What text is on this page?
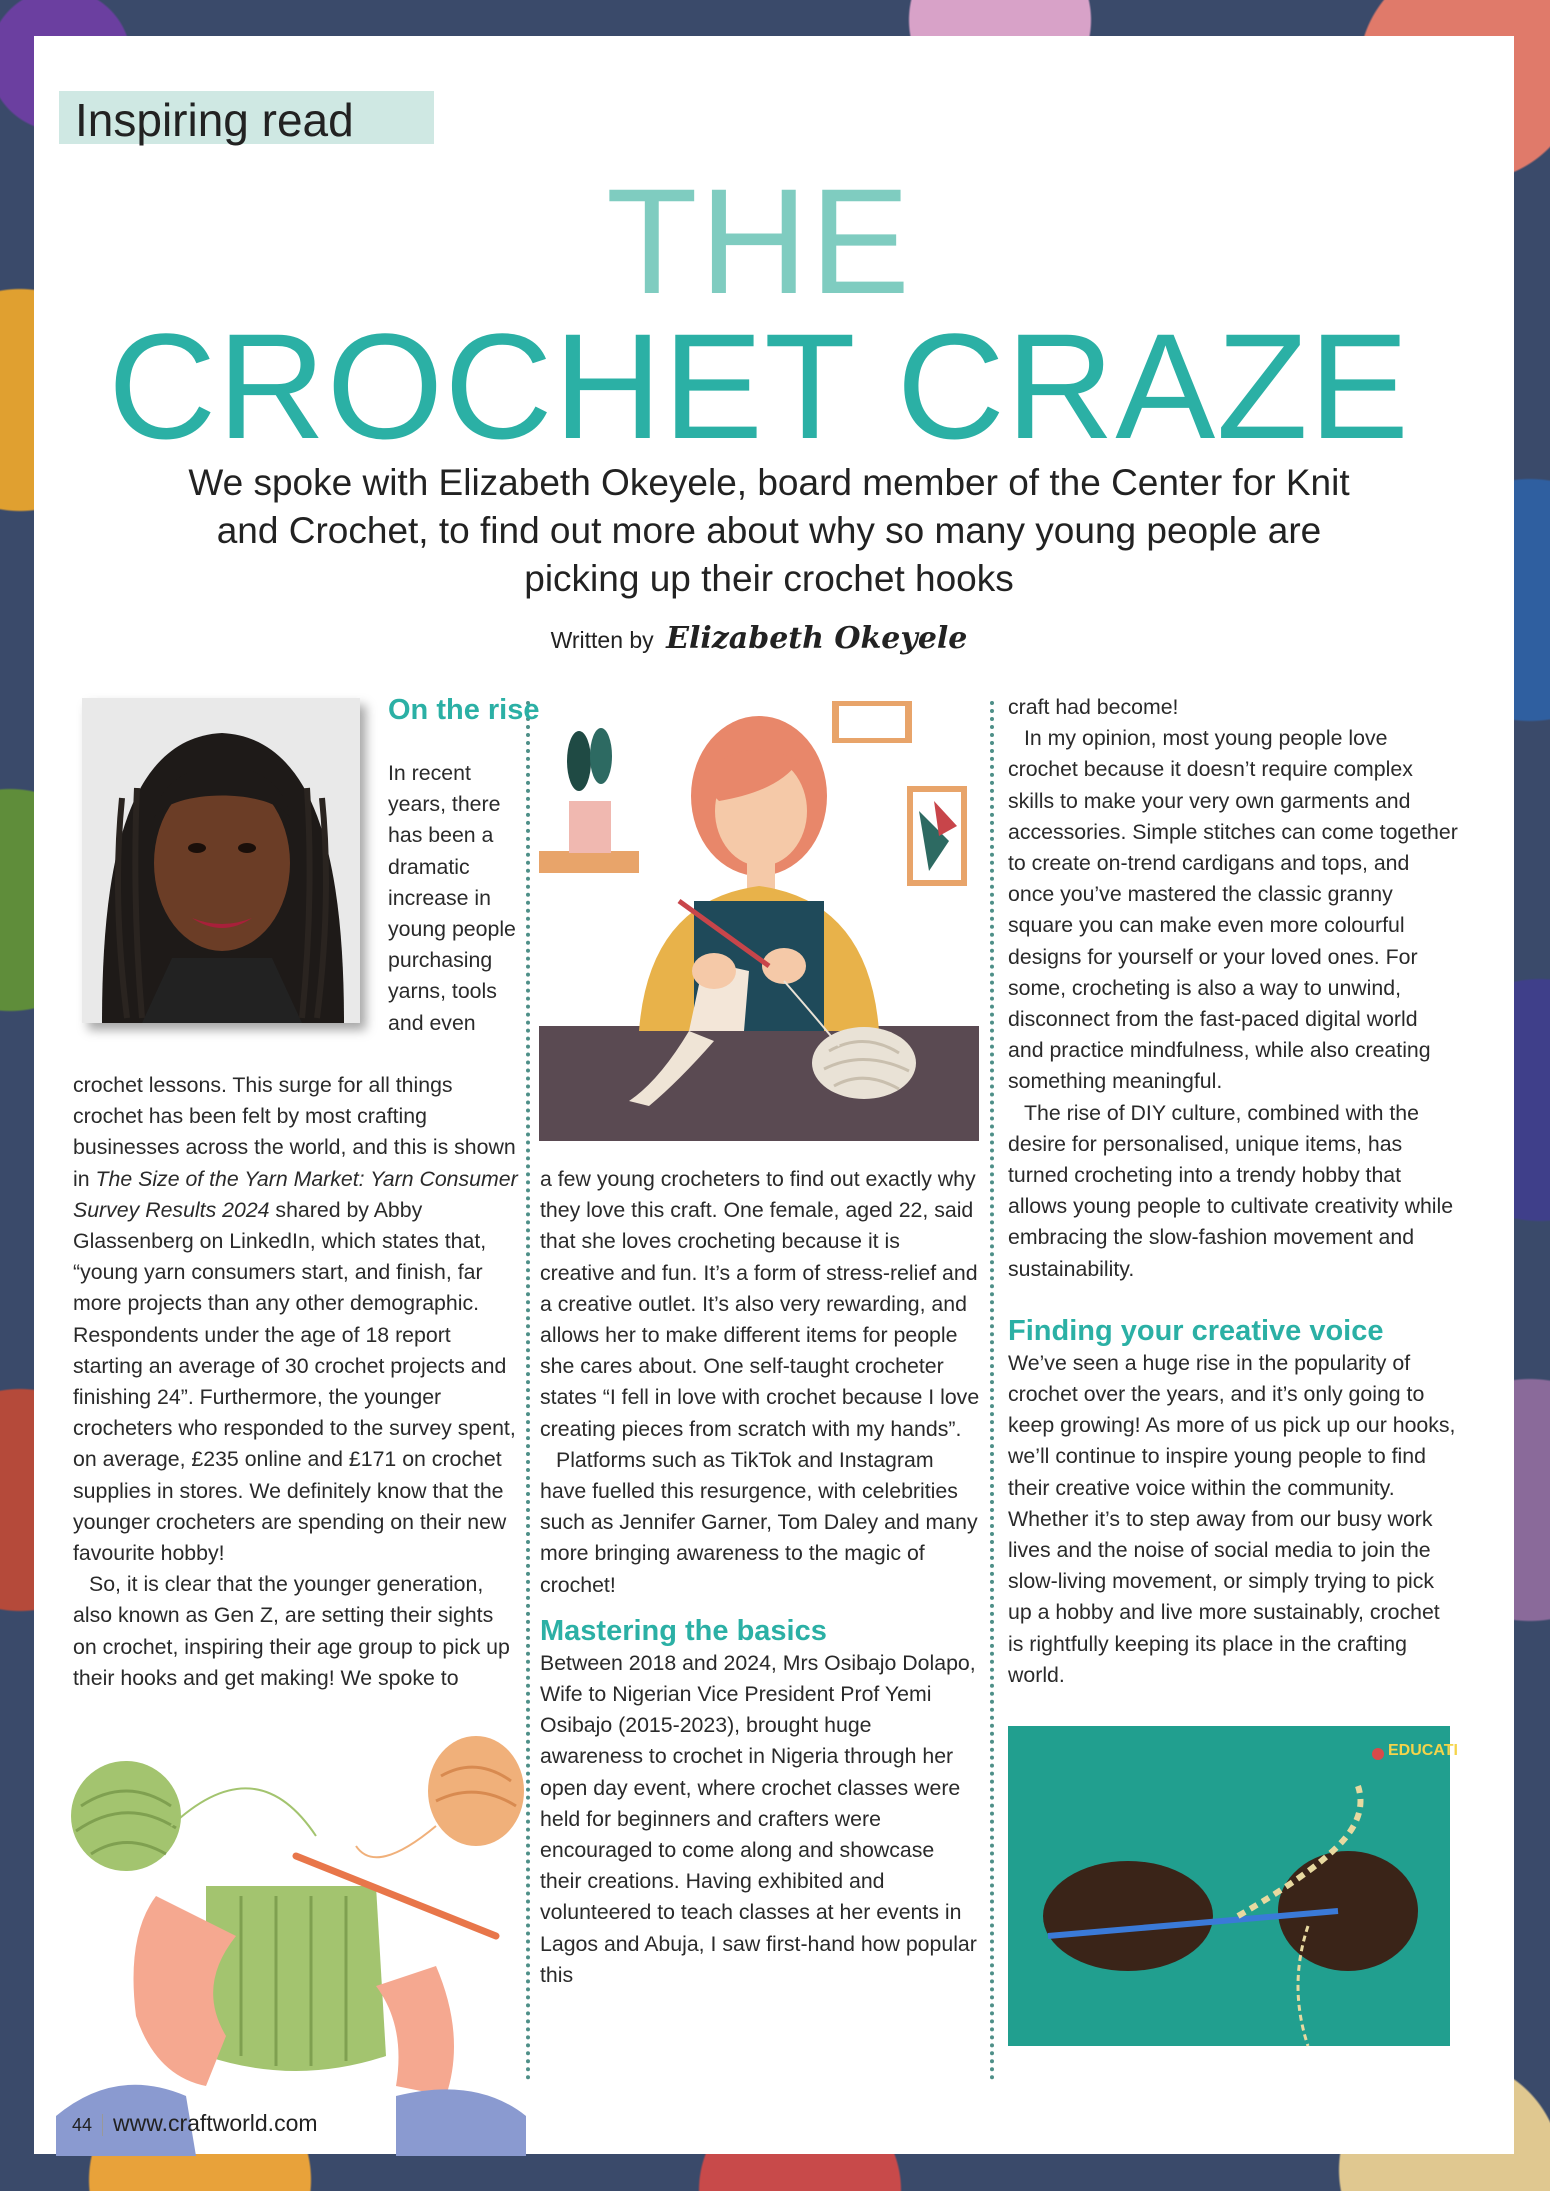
Inspiring read
THE
CROCHET CRAZE
We spoke with Elizabeth Okeyele, board member of the Center for Knit and Crochet, to find out more about why so many young people are picking up their crochet hooks
Written by Elizabeth Okeyele
On the rise
In recent years, there has been a dramatic increase in young people purchasing yarns, tools and even

crochet lessons. This surge for all things crochet has been felt by most crafting businesses across the world, and this is shown in The Size of the Yarn Market: Yarn Consumer Survey Results 2024 shared by Abby Glassenberg on LinkedIn, which states that, “young yarn consumers start, and finish, far more projects than any other demographic. Respondents under the age of 18 report starting an average of 30 crochet projects and finishing 24”. Furthermore, the younger crocheters who responded to the survey spent, on average, £235 online and £171 on crochet supplies in stores. We definitely know that the younger crocheters are spending on their new favourite hobby!

So, it is clear that the younger generation, also known as Gen Z, are setting their sights on crochet, inspiring their age group to pick up their hooks and get making! We spoke to

a few young crocheters to find out exactly why they love this craft. One female, aged 22, said that she loves crocheting because it is creative and fun. It’s a form of stress-relief and a creative outlet. It’s also very rewarding, and allows her to make different items for people she cares about. One self-taught crocheter states “I fell in love with crochet because I love creating pieces from scratch with my hands”.

Platforms such as TikTok and Instagram have fuelled this resurgence, with celebrities such as Jennifer Garner, Tom Daley and many more bringing awareness to the magic of crochet!

Mastering the basics

Between 2018 and 2024, Mrs Osibajo Dolapo, Wife to Nigerian Vice President Prof Yemi Osibajo (2015-2023), brought huge awareness to crochet in Nigeria through her open day event, where crochet classes were held for beginners and crafters were encouraged to come along and showcase their creations. Having exhibited and volunteered to teach classes at her events in Lagos and Abuja, I saw first-hand how popular this

craft had become!

In my opinion, most young people love crochet because it doesn’t require complex skills to make your very own garments and accessories. Simple stitches can come together to create on-trend cardigans and tops, and once you’ve mastered the classic granny square you can make even more colourful designs for yourself or your loved ones. For some, crocheting is also a way to unwind, disconnect from the fast-paced digital world and practice mindfulness, while also creating something meaningful.

The rise of DIY culture, combined with the desire for personalised, unique items, has turned crocheting into a trendy hobby that allows young people to cultivate creativity while embracing the slow-fashion movement and sustainability.

Finding your creative voice

We’ve seen a huge rise in the popularity of crochet over the years, and it’s only going to keep growing! As more of us pick up our hooks, we’ll continue to inspire young people to find their creative voice within the community. Whether it’s to step away from our busy work lives and the noise of social media to join the slow-living movement, or simply trying to pick up a hobby and live more sustainably, crochet is rightfully keeping its place in the crafting world.

EDUCATI
44 www.craftworld.com
